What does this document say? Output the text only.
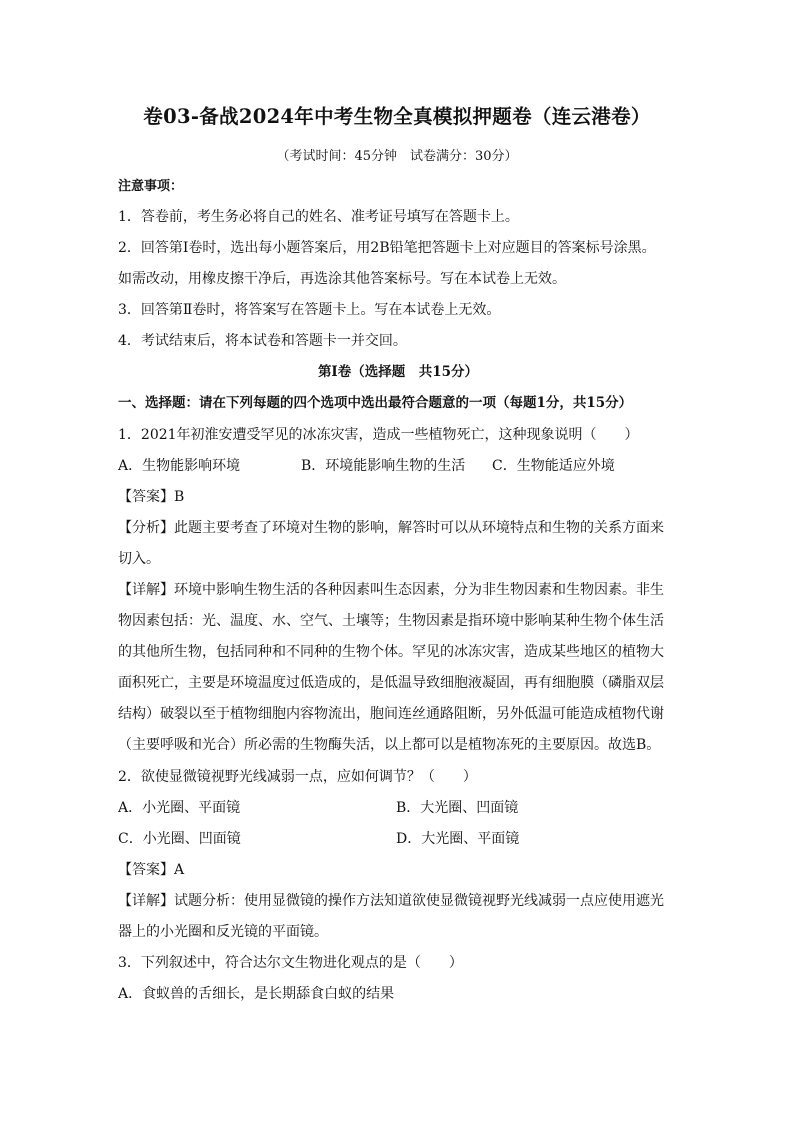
卷03-备战2024年中考生物全真模拟押题卷（连云港卷）
（考试时间：45分钟　试卷满分：30分）
注意事项：
1．答卷前，考生务必将自己的姓名、准考证号填写在答题卡上。
2．回答第Ⅰ卷时，选出每小题答案后，用2B铅笔把答题卡上对应题目的答案标号涂黑。
如需改动，用橡皮擦干净后，再选涂其他答案标号。写在本试卷上无效。
3．回答第Ⅱ卷时，将答案写在答题卡上。写在本试卷上无效。
4．考试结束后，将本试卷和答题卡一并交回。
第Ⅰ卷（选择题　共15分）
一、选择题：请在下列每题的四个选项中选出最符合题意的一项（每题1分，共15分）
1．2021年初淮安遭受罕见的冰冻灾害，造成一些植物死亡，这种现象说明（　　）
A．生物能影响环境	B．环境能影响生物的生活	C．生物能适应外境
【答案】B
【分析】此题主要考查了环境对生物的影响，解答时可以从环境特点和生物的关系方面来
切入。
【详解】环境中影响生物生活的各种因素叫生态因素，分为非生物因素和生物因素。非生
物因素包括：光、温度、水、空气、土壤等；生物因素是指环境中影响某种生物个体生活
的其他所生物，包括同种和不同种的生物个体。罕见的冰冻灾害，造成某些地区的植物大
面积死亡，主要是环境温度过低造成的，是低温导致细胞液凝固，再有细胞膜（磷脂双层
结构）破裂以至于植物细胞内容物流出，胞间连丝通路阻断，另外低温可能造成植物代谢
（主要呼吸和光合）所必需的生物酶失活，以上都可以是植物冻死的主要原因。故选B。
2．欲使显微镜视野光线减弱一点，应如何调节？（　　）
A．小光圈、平面镜	B．大光圈、凹面镜
C．小光圈、凹面镜	D．大光圈、平面镜
【答案】A
【详解】试题分析：使用显微镜的操作方法知道欲使显微镜视野光线减弱一点应使用遮光
器上的小光圈和反光镜的平面镜。
3．下列叙述中，符合达尔文生物进化观点的是（　　）
A．食蚁兽的舌细长，是长期舔食白蚁的结果
